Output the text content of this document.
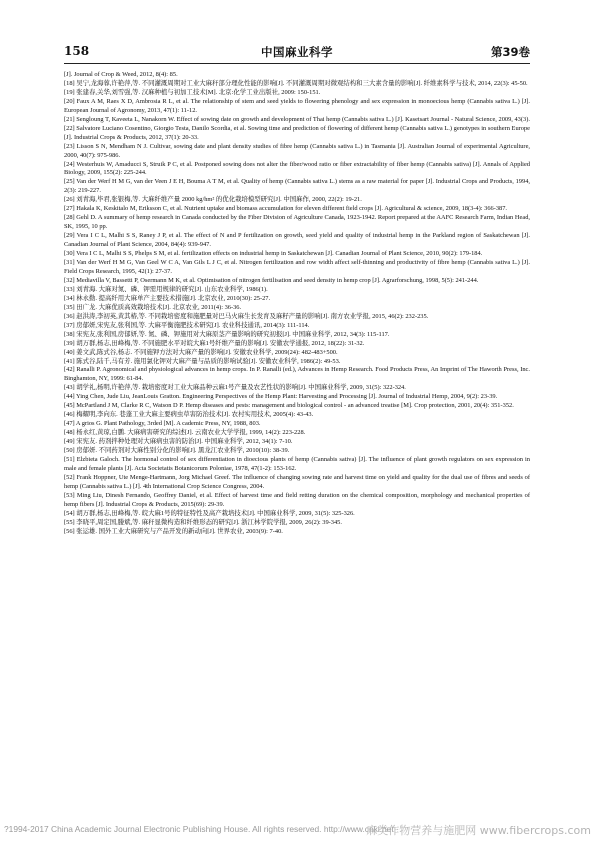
158	中国麻业科学	第39卷

[J]. Journal of Crop & Weed, 2012, 8(4): 85.

[18] 吴宁,龙海蓉,许艳萍,等. 不同灌溉周期对工业大麻秆部分理化性能的影响[J]. 不同灌溉周期对微观结构和三大素含量的影响[J]. 纤维素科学与技术, 2014, 22(3): 45-50.

[19] 张建春,关华,刘雪强,等. 汉麻种植与初加工技术[M]. 北京:化学工业出版社, 2009: 150-151.

[20] Faux A M, Raes X D, Ambrosia R L, et al. The relationship of stem and seed yields to flowering phenology and sex expression in monoecious hemp (Cannabis sativa L.) [J]. European Journal of Agronomy, 2013, 47(1): 11-12.

[21] Sengloung T, Kaveeta L, Nanakorn W. Effect of sowing date on growth and development of Thai hemp (Cannabis sativa L.) [J]. Kasetsart Journal - Natural Science, 2009, 43(3).

[22] Salvatore Luciano Cosentino, Giorgio Testa, Danilo Scordia, et al. Sowing time and prediction of flowering of different hemp (Cannabis sativa L.) genotypes in southern Europe [J]. Industrial Crops & Products, 2012, 37(1): 20-33.

[23] Lisson S N, Mendham N J. Cultivar, sowing date and plant density studies of fibre hemp (Cannabis sativa L.) in Tasmania [J]. Australian Journal of experimental Agriculture, 2000, 40(7): 975-986.

[24] Westerhuis W, Amaducci S, Struik P C, et al. Postponed sowing does not alter the fiber/wood ratio or fiber extractability of fiber hemp (Cannabis sativa) [J]. Annals of Applied Biology, 2009, 155(2): 225-244.

[25] Van der Werf H M G, van der Veen J E H, Bouma A T M, et al. Quality of hemp (Cannabis sativa L.) stems as a raw material for paper [J]. Industrial Crops and Products, 1994, 2(3): 219-227.

[26] 刘青海,毕君,张银梅,等. 大麻纤维产量 2000 kg/hm² 的优化栽培模型研究[J]. 中国麻作, 2000, 22(2): 19-21.

[27] Hakala K, Keskitalo M, Eriksson C, et al. Nutrient uptake and biomass accumulation for eleven different field crops [J]. Agricultural & science, 2009, 18(3-4): 366-387.

[28] Gehl D. A summary of hemp research in Canada conducted by the Fiber Division of Agriculture Canada, 1923-1942. Report prepared at the AAFC Research Farm, Indian Head, SK, 1995, 10 pp.

[29] Vera I C L, Malhi S S, Raney J P, et al. The effect of N and P fertilization on growth, seed yield and quality of industrial hemp in the Parkland region of Saskatchewan [J]. Canadian Journal of Plant Science, 2004, 84(4): 939-947.

[30] Vera I C L, Malhi S S, Phelps S M, et al. fertilization effects on industrial hemp in Saskatchewan [J]. Canadian Journal of Plant Science, 2010, 90(2): 179-184.

[31] Van der Werf H M G, Van Geel W C A, Van Gils L J C, et al. Nitrogen fertilization and row width affect self-thinning and productivity of fibre hemp (Cannabis sativa L.) [J]. Field Crops Research, 1995, 42(1): 27-37.

[32] Mediavilla V, Bassetti P, Osermann M K, et al. Optimisation of nitrogen fertilisation and seed density in hemp crop [J]. Agrarforschung, 1998, 5(5): 241-244.

[33] 刘青海. 大麻对氮、磷、钾需用规律的研究[J]. 山东农业科学, 1986(1).

[34] 林永勤. 提高纤用大麻单产主要技术措施[J]. 北京农业, 2010(30): 25-27.

[35] 田广龙. 大麻优质高效栽培技术[J]. 北京农业, 2011(4): 36-36.

[36] 赵洪涛,李初英,黄其椿,等. 不同栽培密度和施肥量对巴马火麻生长发育及麻籽产量的影响[J]. 南方农业学报, 2015, 46(2): 232-235.

[37] 房郁妍,宋宪友,张利国,等. 大麻平衡施肥技术研究[J]. 农业科技通讯, 2014(3): 111-114.

[38] 宋宪友,张利国,房郁妍,等. 氮、磷、钾施用对大麻原茎产量影响的研究初报[J]. 中国麻业科学, 2012, 34(3): 115-117.

[39] 胡万群,杨志,田峰梅,等. 不同施肥水平对皖大麻1号纤维产量的影响[J]. 安徽农学通报, 2012, 18(22): 31-32.

[40] 姜文武,陈式谷,杨志. 不同施钾方法对大麻产量的影响[J]. 安徽农业科学, 2009(24): 482-483+500.

[41] 陈式谷,陆千,马有芳. 施用氯化钾对大麻产量与品质的影响试验[J]. 安徽农业科学, 1986(2): 49-53.

[42] Ranalli P. Agronomical and physiological advances in hemp crops. In P. Ranalli (ed.), Advances in Hemp Research. Food Products Press, An Imprint of The Haworth Press, Inc. Binghamton, NY, 1999: 61-84.

[43] 胡学礼,杨明,许艳萍,等. 栽培密度对工业大麻品种云麻1号产量及农艺性状的影响[J]. 中国麻业科学, 2009, 31(5): 322-324.

[44] Ying Chen, Jude Liu, JeanLouis Gratton. Engineering Perspectives of the Hemp Plant: Harvesting and Processing [J]. Journal of Industrial Hemp, 2004, 9(2): 23-39.

[45] McPartland J M, Clarke R C, Watson D P. Hemp diseases and pests: management and biological control - an advanced treatise [M]. Crop protection, 2001, 20(4): 351-352.

[46] 梅耀明,李向东. 巷蓬工业大麻主要病虫草害防治技术[J]. 农村实用技术, 2005(4): 43-43.

[47] A grios G. Plant Pathology, 3rded [M]. A cademic Press, NY, 1988, 803.

[48] 杨永红,黄琼,白鹏. 大麻病害研究的综述[J]. 云南农业大学学报, 1999, 14(2): 223-228.

[49] 宋宪友. 药剂拌种处理对大麻病虫害的防治[J]. 中国麻业科学, 2012, 34(1): 7-10.

[50] 房郁妍. 不同药剂对大麻性别分化的影响[J]. 黑龙江农业科学, 2010(10): 38-39.

[51] Elzbieta Galoch. The hormonal control of sex differentiation in dioecious plants of hemp (Cannabis sativa) [J]. The influence of plant growth regulators on sex expression in male and female plants [J]. Acta Societatis Botanicorum Poloniae, 1978, 47(1-2): 153-162.

[52] Frank Hoppner, Ute Menge-Hartmann, Jorg Michael Greef. The influence of changing sowing rate and harvest time on yield and quality for the dual use of fibres and seeds of hemp (Cannabis sativa L.) [J]. 4th International Crop Science Congress, 2004.

[53] Ming Liu, Dinesh Fernando, Geoffrey Daniel, et al. Effect of harvest time and field retting duration on the chemical composition, morphology and mechanical properties of hemp fibers [J]. Industrial Crops & Products, 2015(69): 29-39.

[54] 胡万群,杨志,田峰梅,等. 皖大麻1号的特征特性及高产栽培技术[J]. 中国麻业科学, 2009, 31(5): 325-326.

[55] 李晓平,周定国,媵斌,等. 麻秆显微构造和纤维形态的研究[J]. 浙江林学院学报, 2009, 26(2): 39-345.

[56] 张运雄. 国外工业大麻研究与产品开发的新动向[J]. 世界农业, 2003(9): 7-40.

?1994-2017 China Academic Journal Electronic Publishing House. All rights reserved. http://www.cnki.net
麻类作物营养与施肥网 www.fibercrops.com
